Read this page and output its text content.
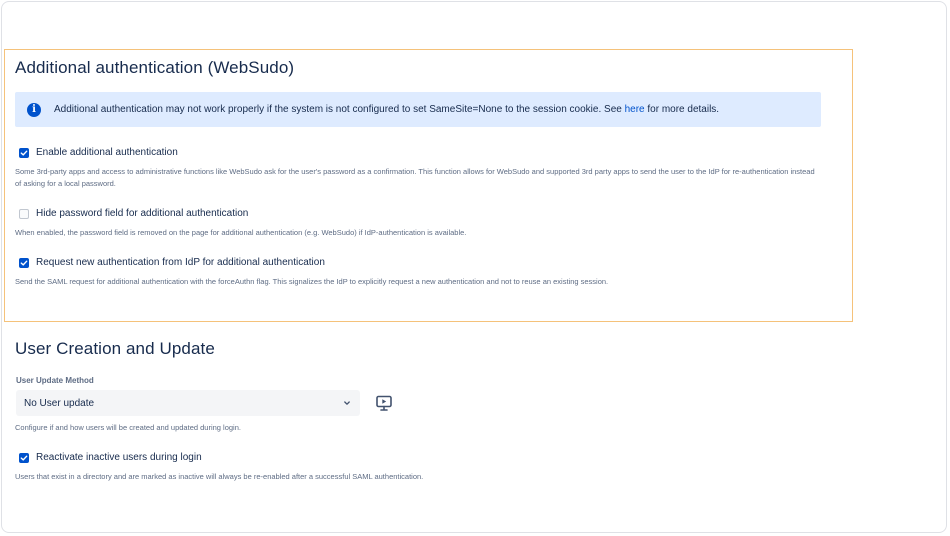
Additional authentication (WebSudo)
i	Additional authentication may not work properly if the system is not configured to set SameSite=None to the session cookie. See here for more details.
Enable additional authentication
Some 3rd-party apps and access to administrative functions like WebSudo ask for the user's password as a confirmation. This function allows for WebSudo and supported 3rd party apps to send the user to the IdP for re-authentication instead of asking for a local password.
Hide password field for additional authentication
When enabled, the password field is removed on the page for additional authentication (e.g. WebSudo) if IdP-authentication is available.
Request new authentication from IdP for additional authentication
Send the SAML request for additional authentication with the forceAuthn flag. This signalizes the IdP to explicitly request a new authentication and not to reuse an existing session.
User Creation and Update
User Update Method
No User update
Configure if and how users will be created and updated during login.
Reactivate inactive users during login
Users that exist in a directory and are marked as inactive will always be re-enabled after a successful SAML authentication.
